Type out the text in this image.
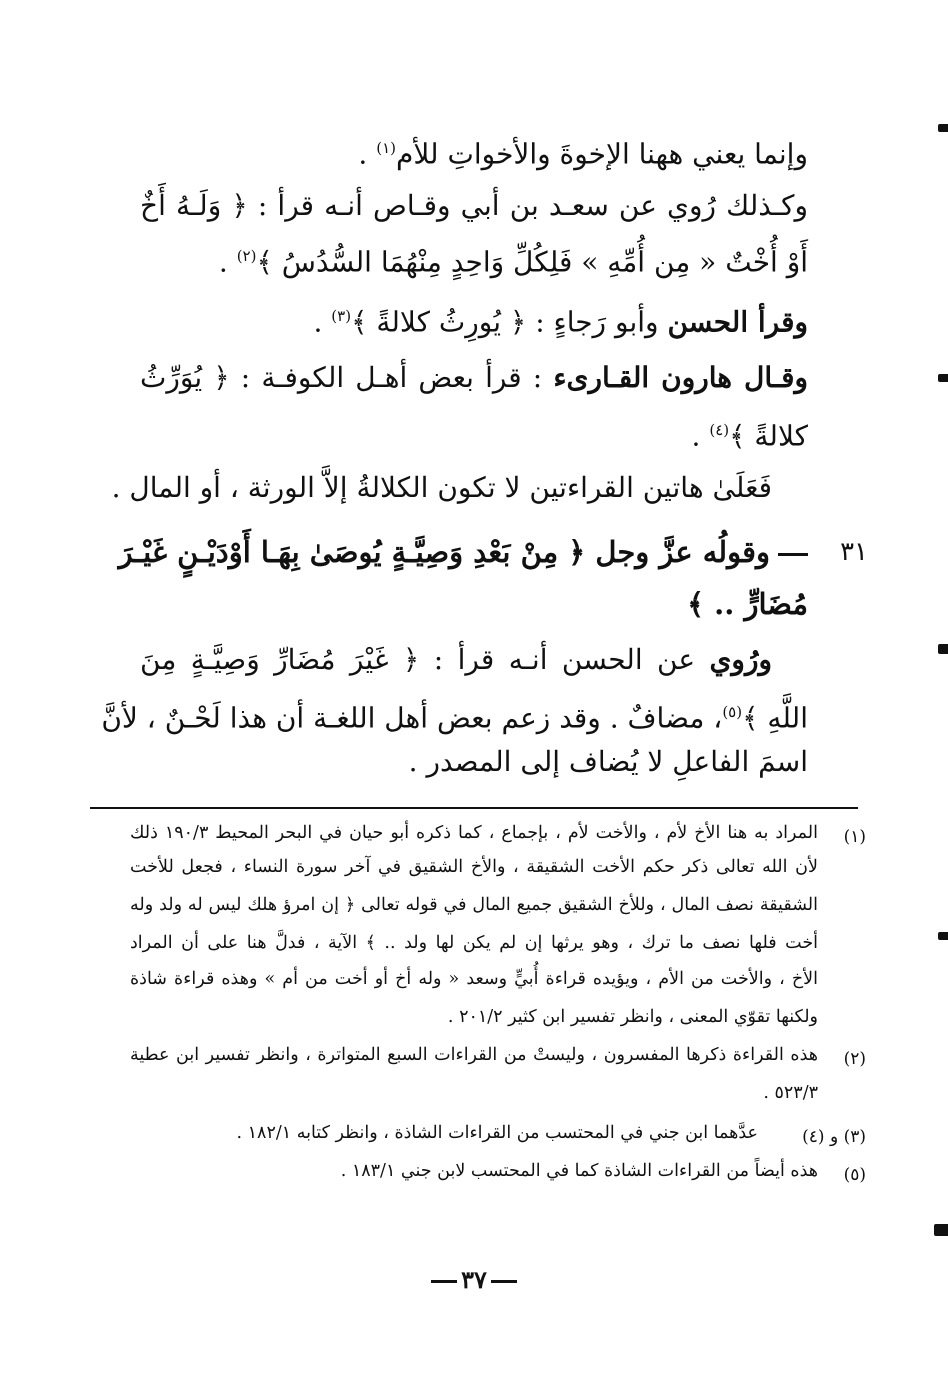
وإنما يعني ههنا الإخوةَ والأخواتِ للأم$^{(١)}$ .
وكـذلك رُوي عن سعـد بن أبي وقـاص أنـه قرأ : ﴿ وَلَـهُ أَخٌ
أَوْ أُخْتٌ « مِن أُمِّهِ » فَلِكُلِّ وَاحِدٍ مِنْهُمَا السُّدُسُ ﴾$^{(٢)}$ .
وقرأ الحسن وأبو رَجاءٍ : ﴿ يُورِثُ كلالةً ﴾$^{(٣)}$ .
وقـال هارون القـارىء : قرأ بعض أهـل الكوفـة : ﴿ يُوَرِّثُ
كلالةً ﴾$^{(٤)}$ .
فَعَلَىٰ هاتين القراءتين لا تكون الكلالةُ إلاَّ الورثة ، أو المال .
٣١
وقولُه عزَّ وجل ﴿ مِنْ بَعْدِ وَصِيَّـةٍ يُوصَىٰ بِهَـا أَوْدَيْـنٍ غَيْـرَ
مُضَارٍّ .. ﴾
ورُوي عن الحسن أنـه قرأ : ﴿ غَيْرَ مُضَارِّ وَصِيَّـةٍ مِنَ
اللَّهِ ﴾$^{(٥)}$، مضافٌ . وقد زعم بعض أهل اللغـة أن هذا لَحْـنٌ ، لأنَّ
اسمَ الفاعلِ لا يُضاف إلى المصدر .
(١)
المراد به هنا الأخ لأم ، والأخت لأم ، بإجماع ، كما ذكره أبو حيان في البحر المحيط ١٩٠/٣ ذلك
لأن الله تعالى ذكر حكم الأخت الشقيقة ، والأخ الشقيق في آخر سورة النساء ، فجعل للأخت
الشقيقة نصف المال ، وللأخ الشقيق جميع المال في قوله تعالى ﴿ إن امرؤ هلك ليس له ولد وله
أخت فلها نصف ما ترك ، وهو يرثها إن لم يكن لها ولد .. ﴾ الآية ، فدلَّ هنا على أن المراد
الأخ ، والأخت من الأم ، ويؤيده قراءة أُبيٍّ وسعد « وله أخ أو أخت من أم » وهذه قراءة شاذة
ولكنها تقوّي المعنى ، وانظر تفسير ابن كثير ٢٠١/٢ .
(٢)
هذه القراءة ذكرها المفسرون ، وليستْ من القراءات السبع المتواترة ، وانظر تفسير ابن عطية
٥٢٣/٣ .
(٣) و (٤)
عدَّهما ابن جني في المحتسب من القراءات الشاذة ، وانظر كتابه ١٨٢/١ .
(٥)
هذه أيضاً من القراءات الشاذة كما في المحتسب لابن جني ١٨٣/١ .
٣٧
